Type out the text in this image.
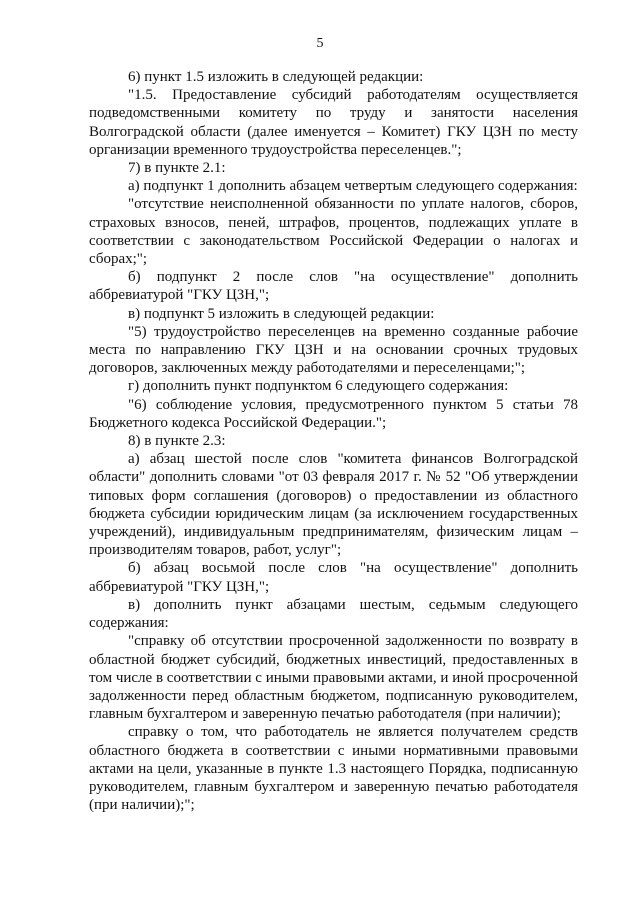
5

6) пункт 1.5 изложить в следующей редакции:

"1.5. Предоставление субсидий работодателям осуществляется подведомственными комитету по труду и занятости населения Волгоградской области (далее именуется – Комитет) ГКУ ЦЗН по месту организации временного трудоустройства переселенцев.";

7) в пункте 2.1:

а) подпункт 1 дополнить абзацем четвертым следующего содержания:

"отсутствие неисполненной обязанности по уплате налогов, сборов, страховых взносов, пеней, штрафов, процентов, подлежащих уплате в соответствии с законодательством Российской Федерации о налогах и сборах;";

б) подпункт 2 после слов "на осуществление" дополнить аббревиатурой "ГКУ ЦЗН,";

в) подпункт 5 изложить в следующей редакции:

"5) трудоустройство переселенцев на временно созданные рабочие места по направлению ГКУ ЦЗН и на основании срочных трудовых договоров, заключенных между работодателями и переселенцами;";

г) дополнить пункт подпунктом 6 следующего содержания:

"6) соблюдение условия, предусмотренного пунктом 5 статьи 78 Бюджетного кодекса Российской Федерации.";

8) в пункте 2.3:

а) абзац шестой после слов "комитета финансов Волгоградской области" дополнить словами "от 03 февраля 2017 г. № 52 "Об утверждении типовых форм соглашения (договоров) о предоставлении из областного бюджета субсидии юридическим лицам (за исключением государственных учреждений), индивидуальным предпринимателям, физическим лицам – производителям товаров, работ, услуг";

б) абзац восьмой после слов "на осуществление" дополнить аббревиатурой "ГКУ ЦЗН,";

в) дополнить пункт абзацами шестым, седьмым следующего содержания:

"справку об отсутствии просроченной задолженности по возврату в областной бюджет субсидий, бюджетных инвестиций, предоставленных в том числе в соответствии с иными правовыми актами, и иной просроченной задолженности перед областным бюджетом, подписанную руководителем, главным бухгалтером и заверенную печатью работодателя (при наличии);

справку о том, что работодатель не является получателем средств областного бюджета в соответствии с иными нормативными правовыми актами на цели, указанные в пункте 1.3 настоящего Порядка, подписанную руководителем, главным бухгалтером и заверенную печатью работодателя (при наличии);";
